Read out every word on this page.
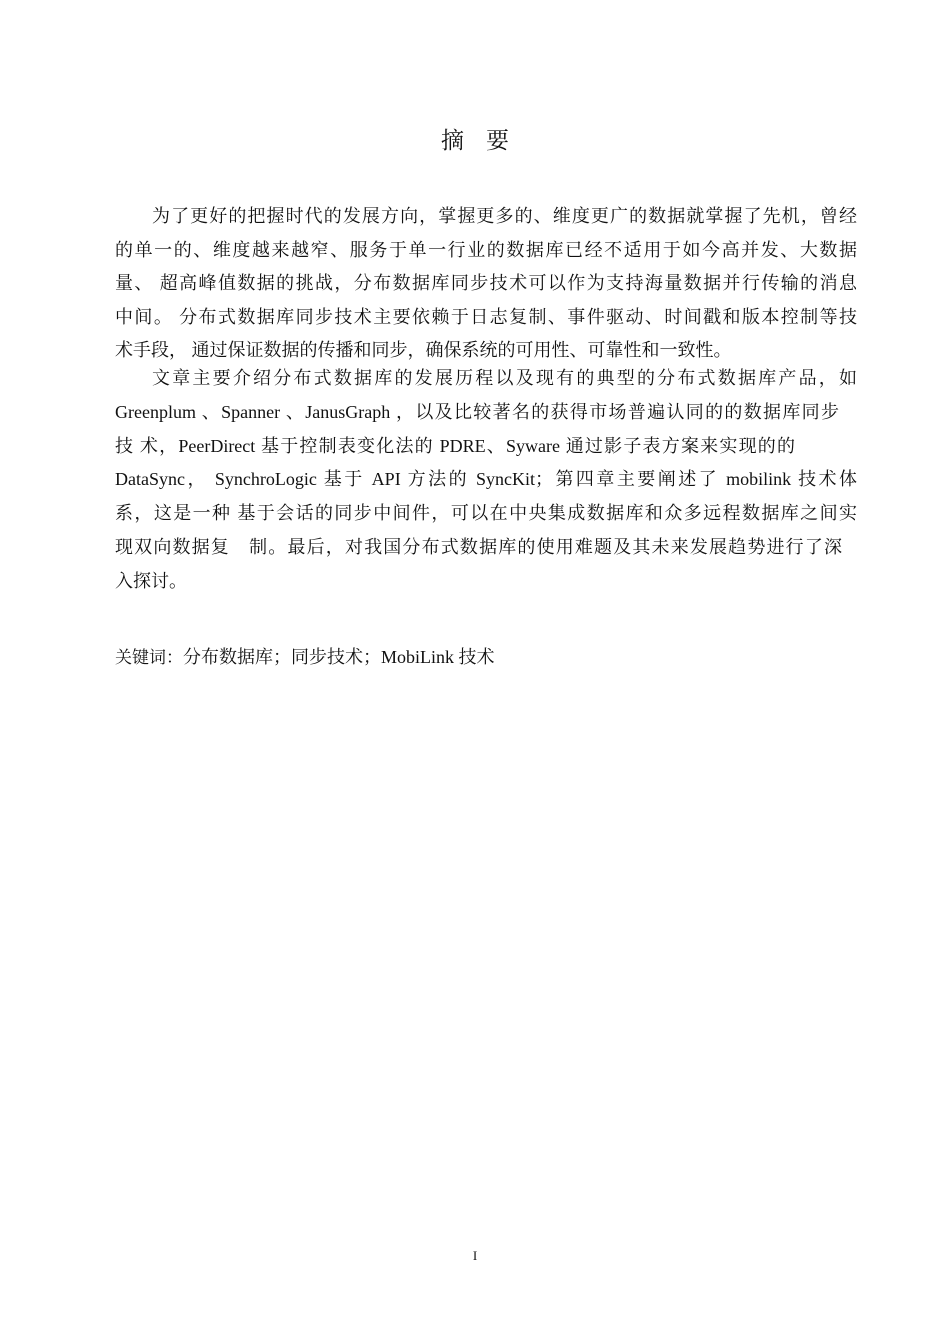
摘要
为了更好的把握时代的发展方向，掌握更多的、维度更广的数据就掌握了先机，曾经
的单一的、维度越来越窄、服务于单一行业的数据库已经不适用于如今高并发、大数据
量、 超高峰值数据的挑战，分布数据库同步技术可以作为支持海量数据并行传输的消息
中间。 分布式数据库同步技术主要依赖于日志复制、事件驱动、时间戳和版本控制等技
术手段， 通过保证数据的传播和同步，确保系统的可用性、可靠性和一致性。
文章主要介绍分布式数据库的发展历程以及现有的典型的分布式数据库产品，如
Greenplum 、Spanner 、JanusGraph ，以及比较著名的获得市场普遍认同的的数据库同步
技 术，PeerDirect 基于控制表变化法的 PDRE、Syware 通过影子表方案来实现的的
DataSync， SynchroLogic 基于 API 方法的 SyncKit；第四章主要阐述了 mobilink 技术体
系，这是一种 基于会话的同步中间件，可以在中央集成数据库和众多远程数据库之间实
现双向数据复　制。最后，对我国分布式数据库的使用难题及其未来发展趋势进行了深
入探讨。
关键词：分布数据库；同步技术；MobiLink 技术
I
